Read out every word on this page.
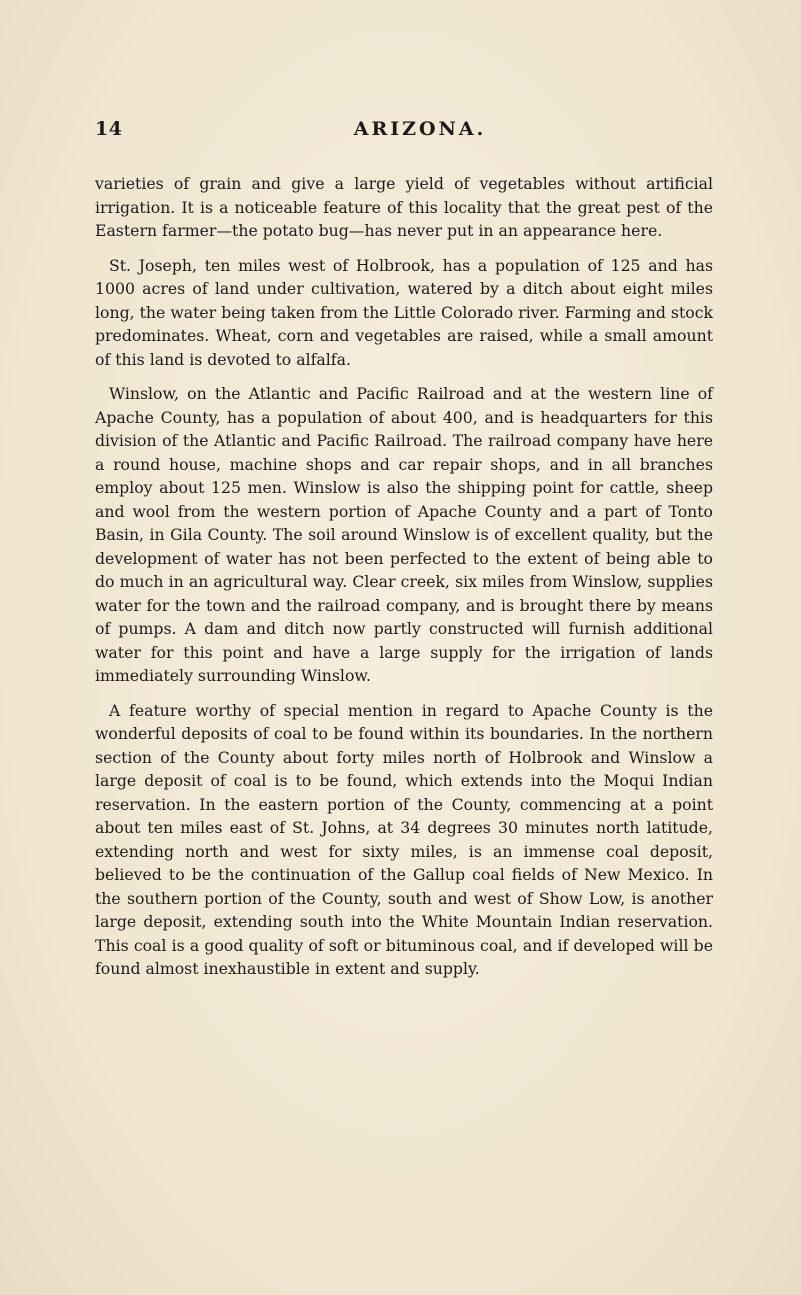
14	ARIZONA.

varieties of grain and give a large yield of vegetables without artificial irrigation. It is a noticeable feature of this locality that the great pest of the Eastern farmer—the potato bug—has never put in an appearance here.

St. Joseph, ten miles west of Holbrook, has a population of 125 and has 1000 acres of land under cultivation, watered by a ditch about eight miles long, the water being taken from the Little Colorado river. Farming and stock predominates. Wheat, corn and vegetables are raised, while a small amount of this land is devoted to alfalfa.

Winslow, on the Atlantic and Pacific Railroad and at the western line of Apache County, has a population of about 400, and is headquarters for this division of the Atlantic and Pacific Railroad. The railroad company have here a round house, machine shops and car repair shops, and in all branches employ about 125 men. Winslow is also the shipping point for cattle, sheep and wool from the western portion of Apache County and a part of Tonto Basin, in Gila County. The soil around Winslow is of excellent quality, but the development of water has not been perfected to the extent of being able to do much in an agricultural way. Clear creek, six miles from Winslow, supplies water for the town and the railroad company, and is brought there by means of pumps. A dam and ditch now partly constructed will furnish additional water for this point and have a large supply for the irrigation of lands immediately surrounding Winslow.

A feature worthy of special mention in regard to Apache County is the wonderful deposits of coal to be found within its boundaries. In the northern section of the County about forty miles north of Holbrook and Winslow a large deposit of coal is to be found, which extends into the Moqui Indian reservation. In the eastern portion of the County, commencing at a point about ten miles east of St. Johns, at 34 degrees 30 minutes north latitude, extending north and west for sixty miles, is an immense coal deposit, believed to be the continuation of the Gallup coal fields of New Mexico. In the southern portion of the County, south and west of Show Low, is another large deposit, extending south into the White Mountain Indian reservation. This coal is a good quality of soft or bituminous coal, and if developed will be found almost inexhaustible in extent and supply.
